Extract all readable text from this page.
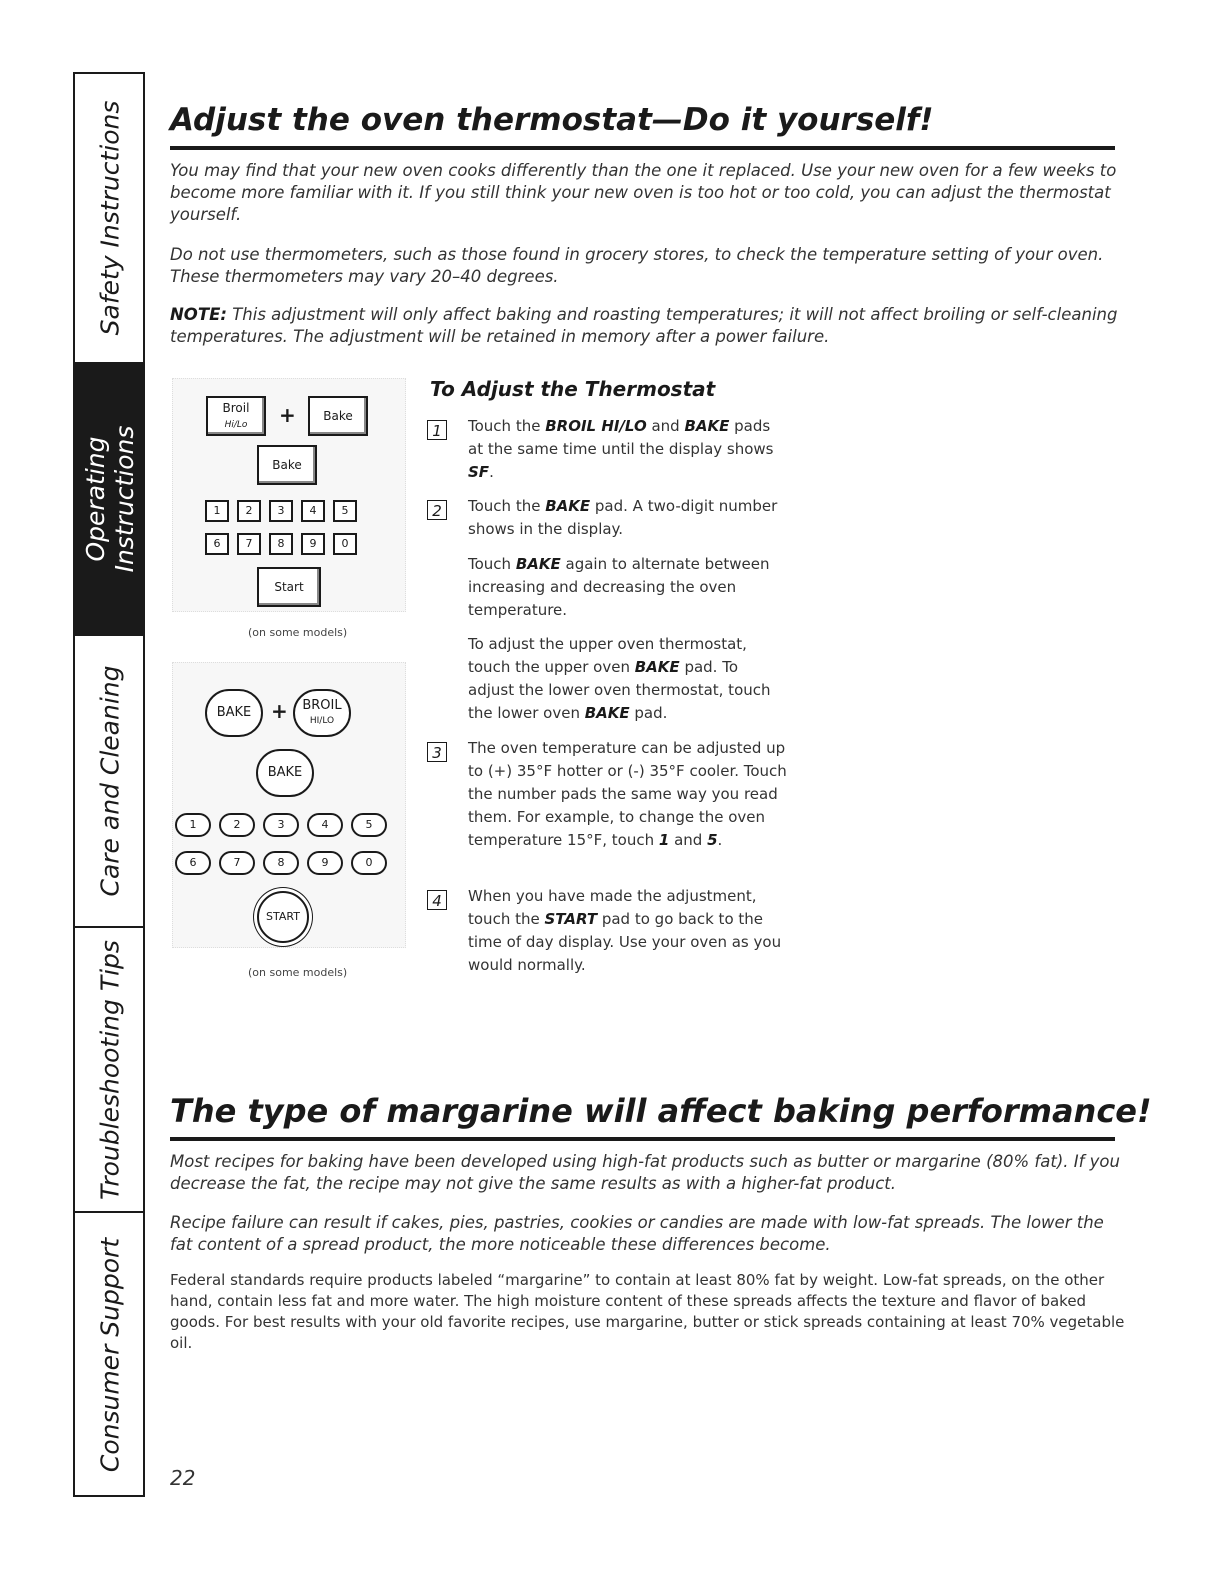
Safety Instructions
Operating
Instructions
Care and Cleaning
Troubleshooting Tips
Consumer Support
Adjust the oven thermostat—Do it yourself!
You may find that your new oven cooks differently than the one it replaced. Use your new oven for a few weeks to become more familiar with it. If you still think your new oven is too hot or too cold, you can adjust the thermostat yourself.
Do not use thermometers, such as those found in grocery stores, to check the temperature setting of your oven. These thermometers may vary 20–40 degrees.
NOTE: This adjustment will only affect baking and roasting temperatures; it will not affect broiling or self-cleaning temperatures. The adjustment will be retained in memory after a power failure.
Broil
Hi/Lo	+	Bake
Bake
1	2	3	4	5
6	7	8	9	0
Start
(on some models)
BAKE +	BROIL
HI/LO
BAKE
1	2	3	4	5
6	7	8	9	0
START
(on some models)
To Adjust the Thermostat
1	Touch the BROIL HI/LO and BAKE pads at the same time until the display shows SF.
2	Touch the BAKE pad. A two-digit number shows in the display.
Touch BAKE again to alternate between increasing and decreasing the oven temperature.
To adjust the upper oven thermostat, touch the upper oven BAKE pad. To adjust the lower oven thermostat, touch the lower oven BAKE pad.
3	The oven temperature can be adjusted up to (+) 35°F hotter or (-) 35°F cooler. Touch the number pads the same way you read them. For example, to change the oven temperature 15°F, touch 1 and 5.
4	When you have made the adjustment, touch the START pad to go back to the time of day display. Use your oven as you would normally.
The type of margarine will affect baking performance!
Most recipes for baking have been developed using high-fat products such as butter or margarine (80% fat). If you decrease the fat, the recipe may not give the same results as with a higher-fat product.
Recipe failure can result if cakes, pies, pastries, cookies or candies are made with low-fat spreads. The lower the fat content of a spread product, the more noticeable these differences become.
Federal standards require products labeled “margarine” to contain at least 80% fat by weight. Low-fat spreads, on the other hand, contain less fat and more water. The high moisture content of these spreads affects the texture and flavor of baked goods. For best results with your old favorite recipes, use margarine, butter or stick spreads containing at least 70% vegetable oil.
22
